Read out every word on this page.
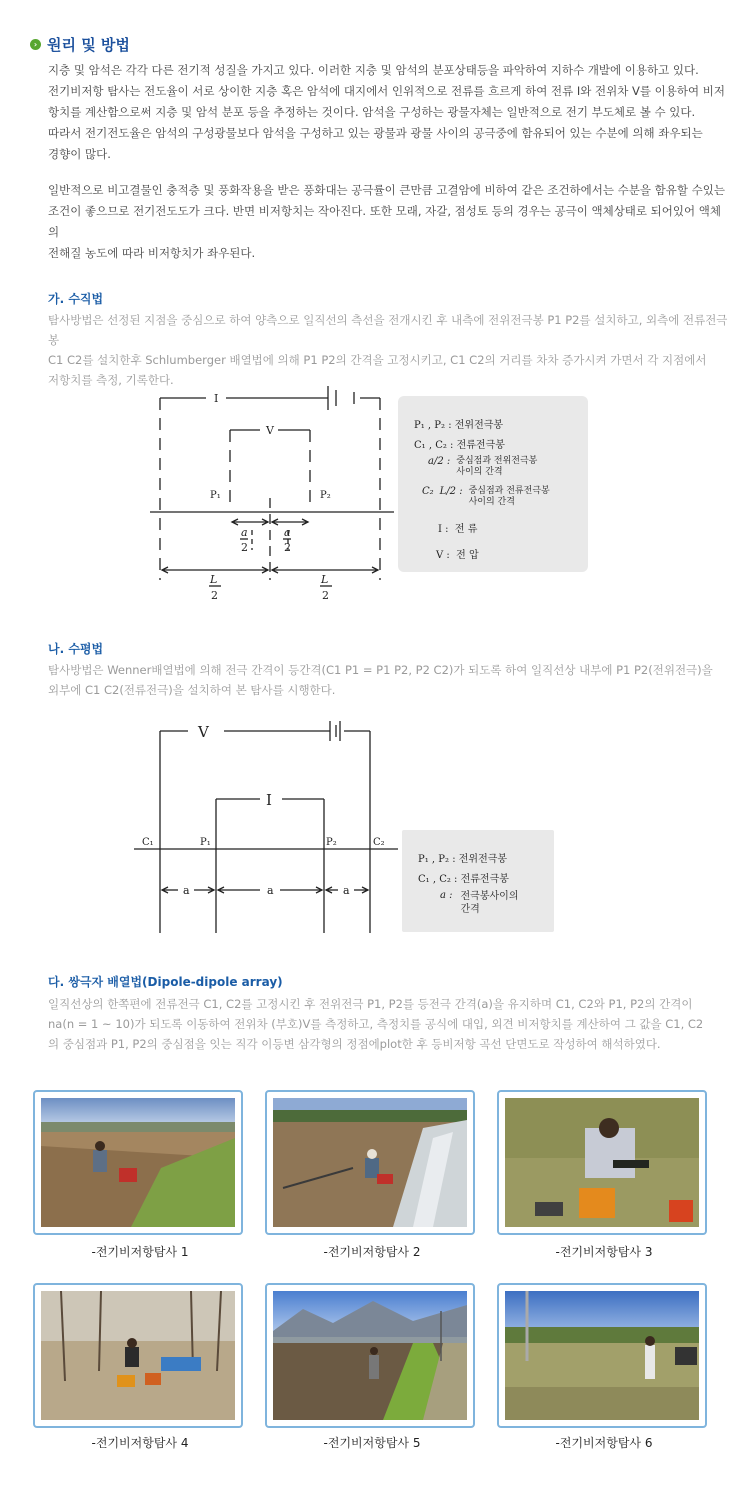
› 원리 및 방법
지층 및 암석은 각각 다른 전기적 성질을 가지고 있다. 이러한 지층 및 암석의 분포상태등을 파악하여 지하수 개발에 이용하고 있다.
전기비저항 탐사는 전도율이 서로 상이한 지층 혹은 암석에 대지에서 인위적으로 전류를 흐르게 하여 전류 I와 전위차 V를 이용하여 비저
항치를 계산함으로써 지층 및 암석 분포 등을 추정하는 것이다. 암석을 구성하는 광물자체는 일반적으로 전기 부도체로 볼 수 있다.
따라서 전기전도율은 암석의 구성광물보다 암석을 구성하고 있는 광물과 광물 사이의 공극중에 함유되어 있는 수분에 의해 좌우되는
경향이 많다.
일반적으로 비고결물인 충적층 및 풍화작용을 받은 풍화대는 공극률이 큰만큼 고결암에 비하여 같은 조건하에서는 수분을 함유할 수있는
조건이 좋으므로 전기전도도가 크다. 반면 비저항치는 작아진다. 또한 모래, 자갈, 점성토 등의 경우는 공극이 액체상태로 되어있어 액체의
전해질 농도에 따라 비저항치가 좌우된다.
가. 수직법
탐사방법은 선정된 지점을 중심으로 하여 양측으로 일직선의 측선을 전개시킨 후 내측에 전위전극봉 P1 P2를 설치하고, 외측에 전류전극봉
C1 C2를 설치한후 Schlumberger 배열법에 의해 P1 P2의 간격을 고정시키고, C1 C2의 거리를 차차 증가시켜 가면서 각 지점에서
저항치를 측정, 기록한다.
I
V
P₁	P₂
a
2
a
2
L
2
L
2
P₁ , P₂ : 전위전극봉
C₁ , C₂ : 전류전극봉
a/2 : 중심점과 전위전극봉
사이의 간격
C₂ L/2 : 중심점과 전류전극봉
사이의 간격
I : 전 류
V : 전 압
나. 수평법
탐사방법은 Wenner배열법에 의해 전극 간격이 등간격(C1 P1 = P1 P2, P2 C2)가 되도록 하여 일직선상 내부에 P1 P2(전위전극)을
외부에 C1 C2(전류전극)을 설치하여 본 탐사를 시행한다.
V
I
C₁	P₁	P₂	C₂
a	a	a
P₁ , P₂ : 전위전극봉
C₁ , C₂ : 전류전극봉
a : 전극봉사이의
간격
다. 쌍극자 배열법(Dipole-dipole array)
일직선상의 한쪽편에 전류전극 C1, C2를 고정시킨 후 전위전극 P1, P2를 등전극 간격(a)을 유지하며 C1, C2와 P1, P2의 간격이
na(n = 1 ~ 10)가 되도록 이동하여 전위차 (부호)V를 측정하고, 측정치를 공식에 대입, 외견 비저항치를 계산하여 그 값을 C1, C2
의 중심점과 P1, P2의 중심점을 잇는 직각 이등변 삼각형의 정점에plot한 후 등비저항 곡선 단면도로 작성하여 해석하였다.
-전기비저항탐사 1	-전기비저항탐사 2	-전기비저항탐사 3
-전기비저항탐사 4	-전기비저항탐사 5	-전기비저항탐사 6
